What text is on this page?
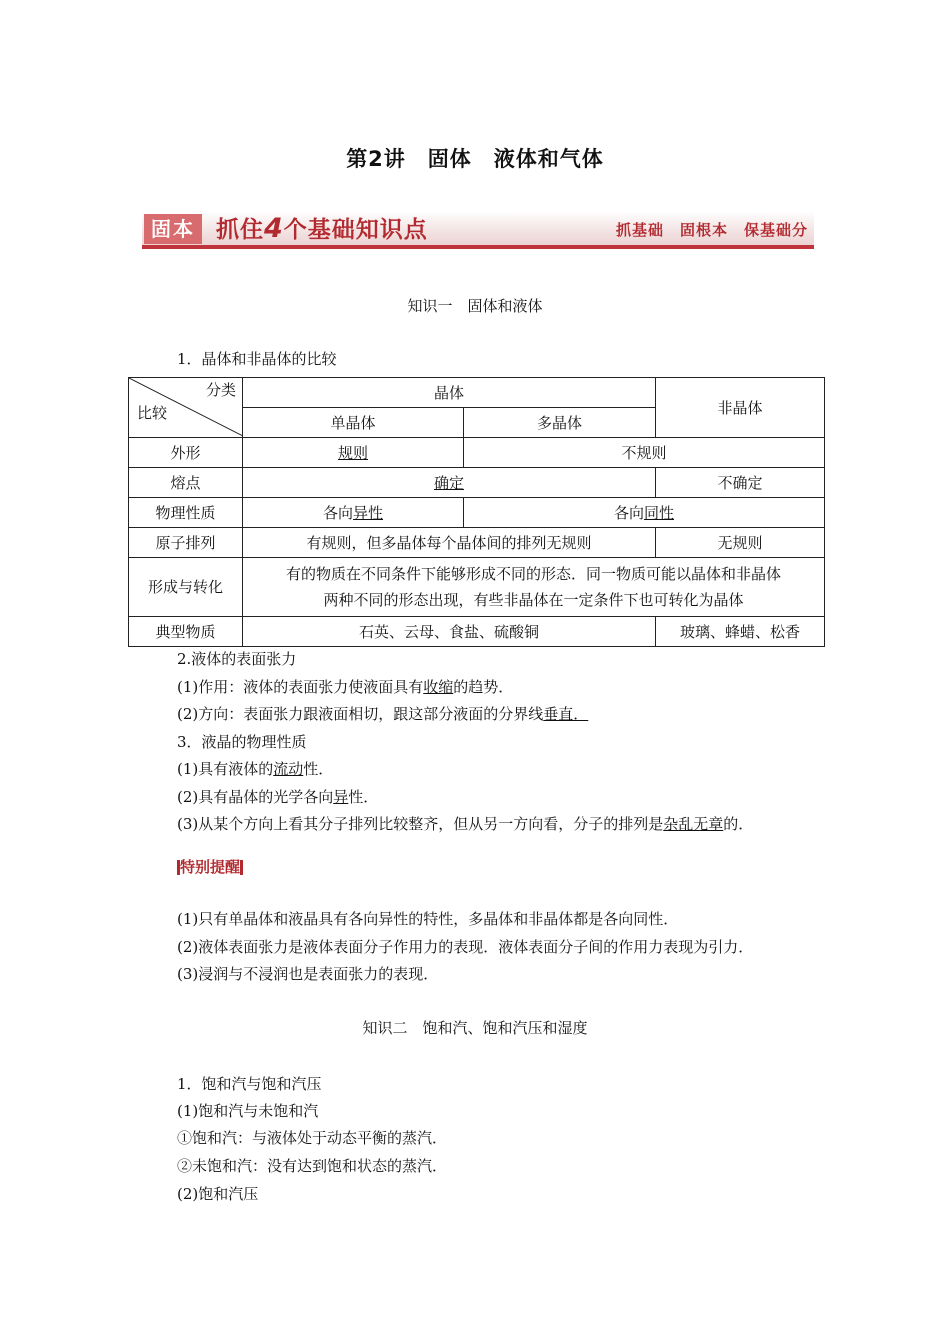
第2讲　固体　液体和气体
固本 抓住4个基础知识点	抓基础　固根本　保基础分
知识一　固体和液体
1．晶体和非晶体的比较
分类
比较	晶体		非晶体
	单晶体	多晶体	
外形	规则	不规则	
熔点	确定		不确定
物理性质	各向异性	各向同性	
原子排列	有规则，但多晶体每个晶体间的排列无规则		无规则
形成与转化	有的物质在不同条件下能够形成不同的形态．同一物质可能以晶体和非晶体
两种不同的形态出现，有些非晶体在一定条件下也可转化为晶体		

典型物质	石英、云母、食盐、硫酸铜		玻璃、蜂蜡、松香
2.液体的表面张力
(1)作用：液体的表面张力使液面具有收缩的趋势．
(2)方向：表面张力跟液面相切，跟这部分液面的分界线垂直．
3．液晶的物理性质
(1)具有液体的流动性．
(2)具有晶体的光学各向异性．
(3)从某个方向上看其分子排列比较整齐，但从另一方向看，分子的排列是杂乱无章的．
特别提醒
(1)只有单晶体和液晶具有各向异性的特性，多晶体和非晶体都是各向同性．
(2)液体表面张力是液体表面分子作用力的表现．液体表面分子间的作用力表现为引力．
(3)浸润与不浸润也是表面张力的表现．
知识二　饱和汽、饱和汽压和湿度
1．饱和汽与饱和汽压
(1)饱和汽与未饱和汽
①饱和汽：与液体处于动态平衡的蒸汽．
②未饱和汽：没有达到饱和状态的蒸汽．
(2)饱和汽压
